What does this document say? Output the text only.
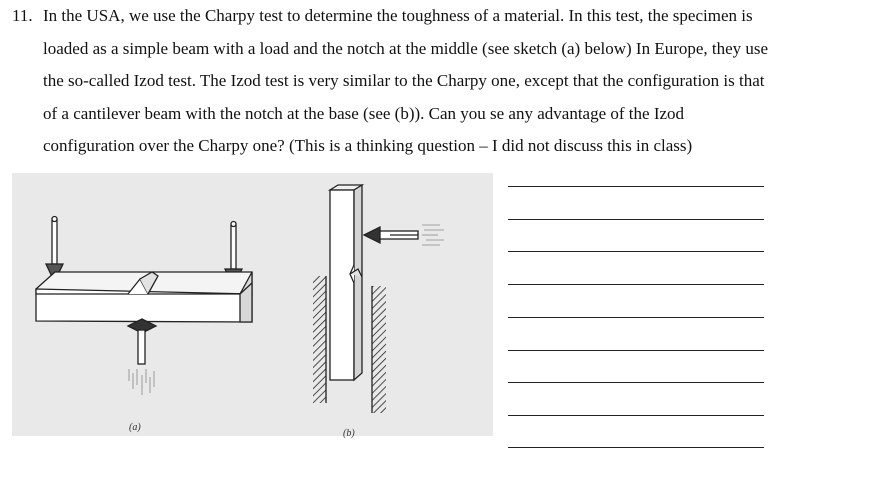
11. In the USA, we use the Charpy test to determine the toughness of a material. In this test, the specimen is
loaded as a simple beam with a load and the notch at the middle (see sketch (a) below) In Europe, they use
the so-called Izod test. The Izod test is very similar to the Charpy one, except that the configuration is that
of a cantilever beam with the notch at the base (see (b)). Can you se any advantage of the Izod
configuration over the Charpy one? (This is a thinking question – I did not discuss this in class)
(a)
(b)
